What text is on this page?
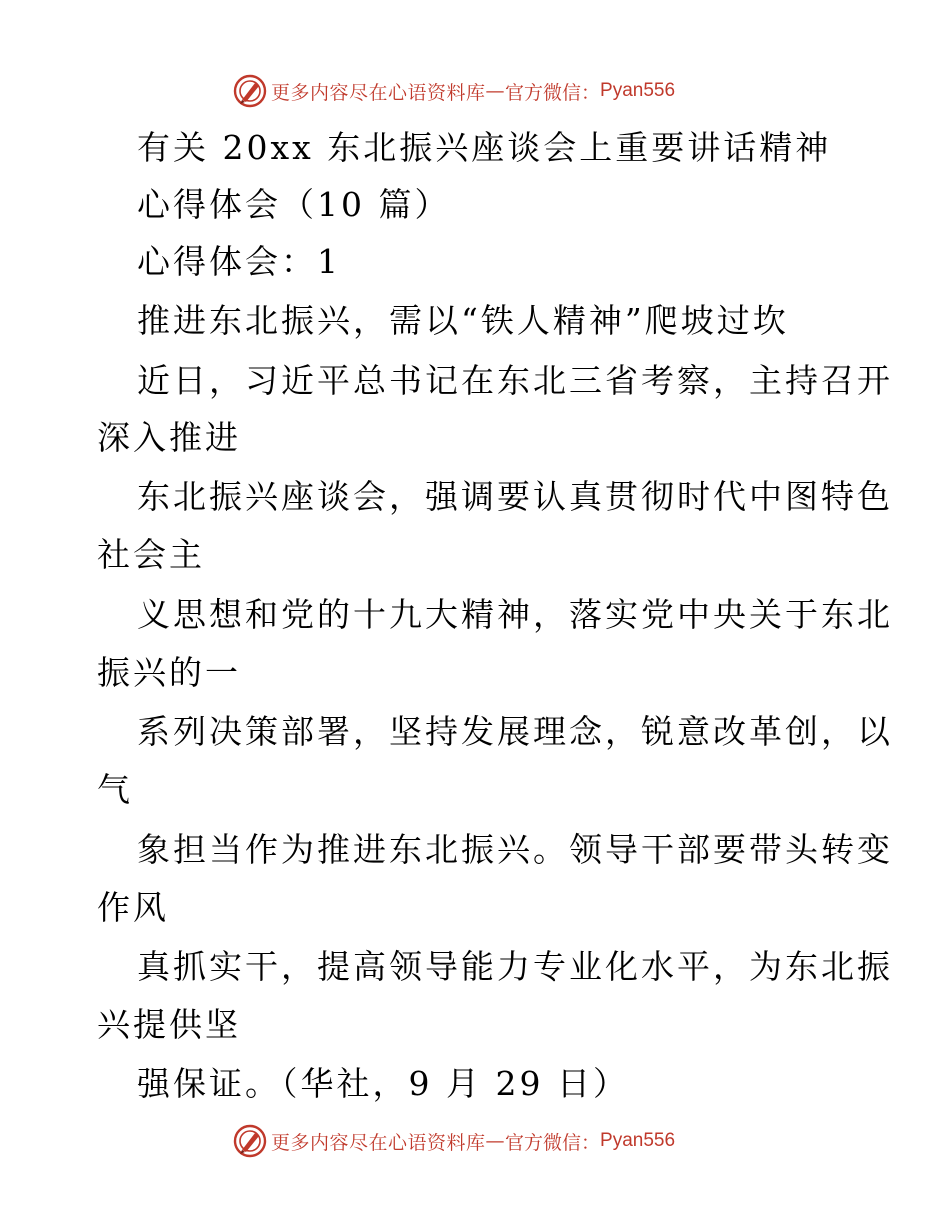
更多内容尽在心语资料库 — 官方微信： Pyan556
有关 20xx 东北振兴座谈会上重要讲话精神
心得体会（10 篇）
心得体会：1
推进东北振兴，需以“铁人精神”爬坡过坎
近日，习近平总书记在东北三省考察，主持召开
深入推进
东北振兴座谈会，强调要认真贯彻时代中图特色
社会主
义思想和党的十九大精神，落实党中央关于东北
振兴的一
系列决策部署，坚持发展理念，锐意改革创，以
气
象担当作为推进东北振兴。领导干部要带头转变
作风
真抓实干，提高领导能力专业化水平，为东北振
兴提供坚
强保证。（华社，9 月 29 日）
更多内容尽在心语资料库 — 官方微信： Pyan556
